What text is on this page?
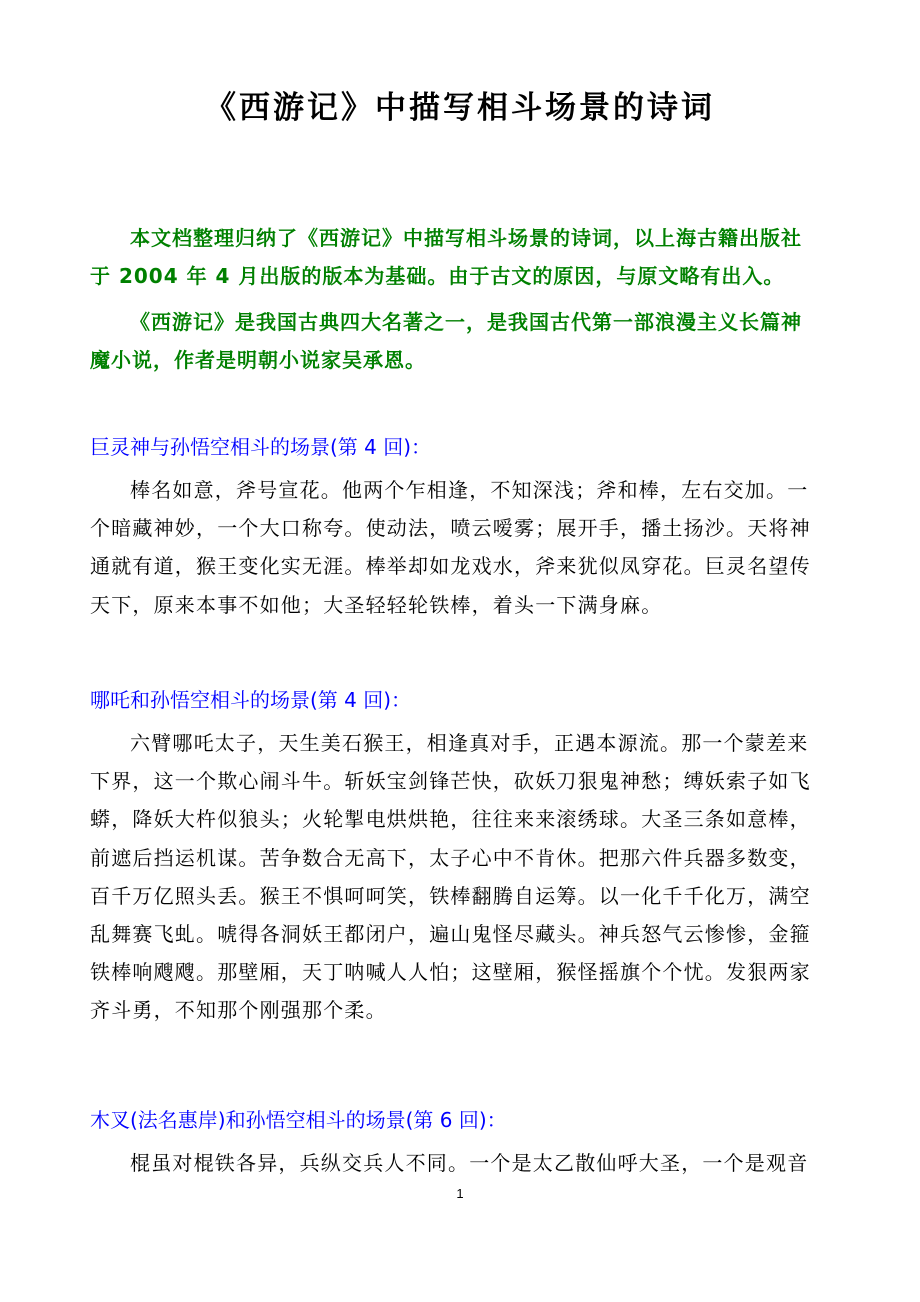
《西游记》中描写相斗场景的诗词
本文档整理归纳了《西游记》中描写相斗场景的诗词，以上海古籍出版社
于 2004 年 4 月出版的版本为基础。由于古文的原因，与原文略有出入。
《西游记》是我国古典四大名著之一，是我国古代第一部浪漫主义长篇神
魔小说，作者是明朝小说家吴承恩。
巨灵神与孙悟空相斗的场景(第 4 回)：
棒名如意，斧号宣花。他两个乍相逢，不知深浅；斧和棒，左右交加。一
个暗藏神妙，一个大口称夸。使动法，喷云嗳雾；展开手，播土扬沙。天将神
通就有道，猴王变化实无涯。棒举却如龙戏水，斧来犹似凤穿花。巨灵名望传
天下，原来本事不如他；大圣轻轻轮铁棒，着头一下满身麻。
哪吒和孙悟空相斗的场景(第 4 回)：
六臂哪吒太子，天生美石猴王，相逢真对手，正遇本源流。那一个蒙差来
下界，这一个欺心闹斗牛。斩妖宝剑锋芒快，砍妖刀狠鬼神愁；缚妖索子如飞
蟒，降妖大杵似狼头；火轮掣电烘烘艳，往往来来滚绣球。大圣三条如意棒，
前遮后挡运机谋。苦争数合无高下，太子心中不肯休。把那六件兵器多数变，
百千万亿照头丢。猴王不惧呵呵笑，铁棒翻腾自运筹。以一化千千化万，满空
乱舞赛飞虬。唬得各洞妖王都闭户，遍山鬼怪尽藏头。神兵怒气云惨惨，金箍
铁棒响飕飕。那壁厢，天丁呐喊人人怕；这壁厢，猴怪摇旗个个忧。发狠两家
齐斗勇，不知那个刚强那个柔。
木叉(法名惠岸)和孙悟空相斗的场景(第 6 回)：
棍虽对棍铁各异，兵纵交兵人不同。一个是太乙散仙呼大圣，一个是观音
1
